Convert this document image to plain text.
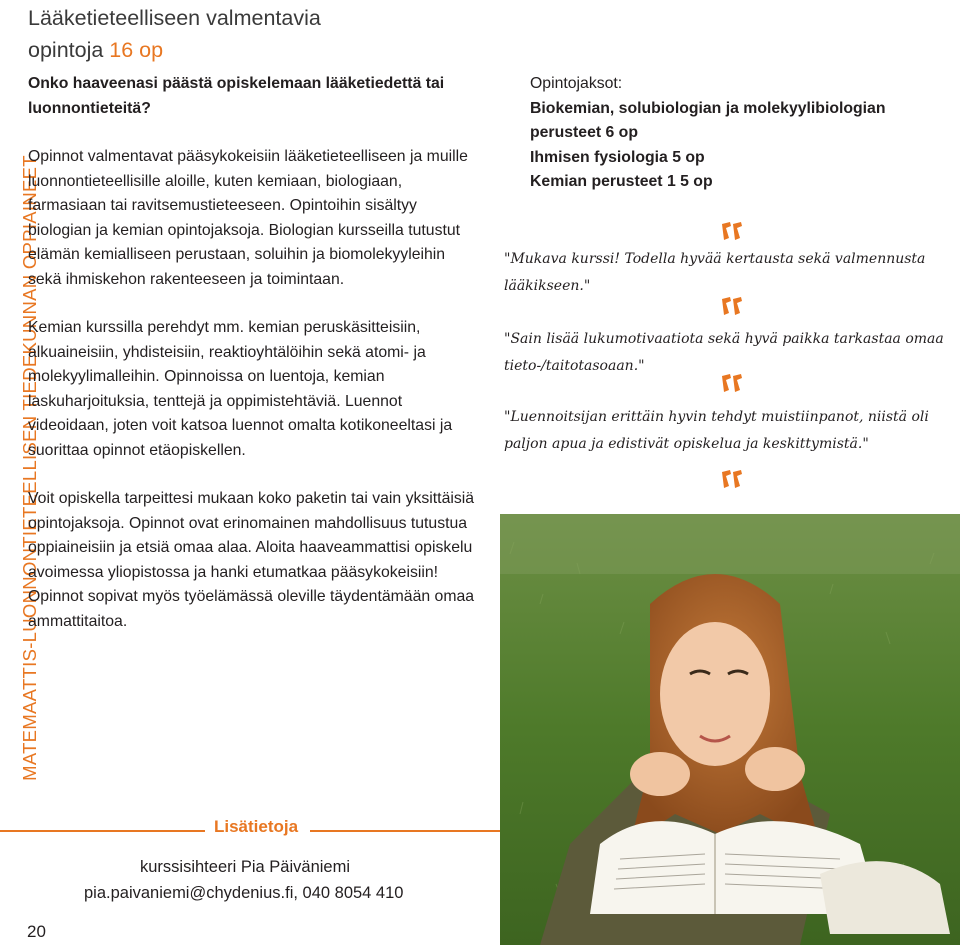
MATEMAATTIS-LUONNONTIETEELLISEN TIEDEKUNNAN OPPIAINEET
20
Lääketieteelliseen valmentavia
opintoja 16 op

Onko haaveenasi päästä opiskelemaan lääketiedettä tai luonnontieteitä?

Opinnot valmentavat pääsykokeisiin lääketieteelliseen ja muille luonnontieteellisille aloille, kuten kemiaan, biologiaan, farmasiaan tai ravitsemustieteeseen. Opintoihin sisältyy biologian ja kemian opintojaksoja. Biologian kursseilla tutustut elämän kemialliseen perustaan, soluihin ja biomolekyyleihin sekä ihmiskehon rakenteeseen ja toimintaan.

Kemian kurssilla perehdyt mm. kemian peruskäsitteisiin, alkuaineisiin, yhdisteisiin, reaktioyhtälöihin sekä atomi- ja molekyylimalleihin. Opinnoissa on luentoja, kemian laskuharjoituksia, tenttejä ja oppimistehtäviä. Luennot videoidaan, joten voit katsoa luennot omalta kotikoneeltasi ja suorittaa opinnot etäopiskellen.

Voit opiskella tarpeittesi mukaan koko paketin tai vain yksittäisiä opintojaksoja. Opinnot ovat erinomainen mahdollisuus tutustua oppiaineisiin ja etsiä omaa alaa. Aloita haaveammattisi opiskelu avoimessa yliopistossa ja hanki etumatkaa pääsykokeisiin! Opinnot sopivat myös työelämässä oleville täydentämään omaa ammattitaitoa.

Opintojaksot:
Biokemian, solubiologian ja molekyylibiologian perusteet 6 op
Ihmisen fysiologia 5 op
Kemian perusteet 1 5 op
"Mukava kurssi! Todella hyvää kertausta sekä valmennusta lääkikseen."
"Sain lisää lukumotivaatiota sekä hyvä paikka tarkastaa omaa tieto-/taitotasoaan."
"Luennoitsijan erittäin hyvin tehdyt muistiinpanot, niistä oli paljon apua ja edistivät opiskelua ja keskittymistä."
Lisätietoja
kurssisihteeri Pia Päiväniemi
pia.paivaniemi@chydenius.fi, 040 8054 410
